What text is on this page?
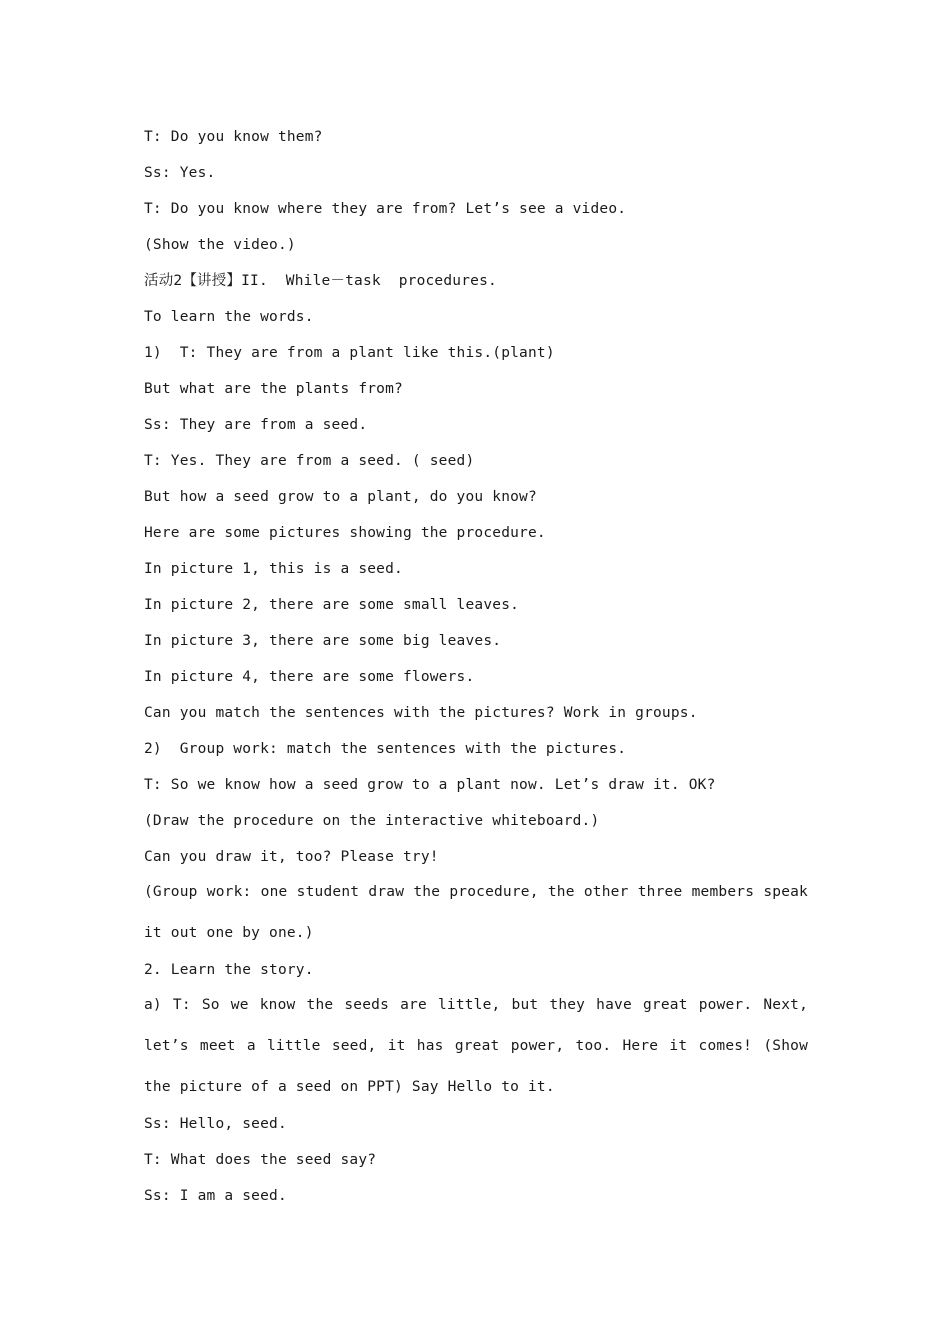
T: Do you know them?
Ss: Yes.
T: Do you know where they are from? Let’s see a video.
(Show the video.)
活动2【讲授】II.  While－task  procedures.
To learn the words.
1)  T: They are from a plant like this.(plant)
But what are the plants from?
Ss: They are from a seed.
T: Yes. They are from a seed. ( seed)
But how a seed grow to a plant, do you know?
Here are some pictures showing the procedure.
In picture 1, this is a seed.
In picture 2, there are some small leaves.
In picture 3, there are some big leaves.
In picture 4, there are some flowers.
Can you match the sentences with the pictures? Work in groups.
2)  Group work: match the sentences with the pictures.
T: So we know how a seed grow to a plant now. Let’s draw it. OK?
(Draw the procedure on the interactive whiteboard.)
Can you draw it, too? Please try!
(Group work: one student draw the procedure, the other three members speak it out one by one.)
2. Learn the story.
a) T: So we know the seeds are little, but they have great power. Next, let’s meet a little seed, it has great power, too. Here it comes! (Show the picture of a seed on PPT) Say Hello to it.
Ss: Hello, seed.
T: What does the seed say?
Ss: I am a seed.
